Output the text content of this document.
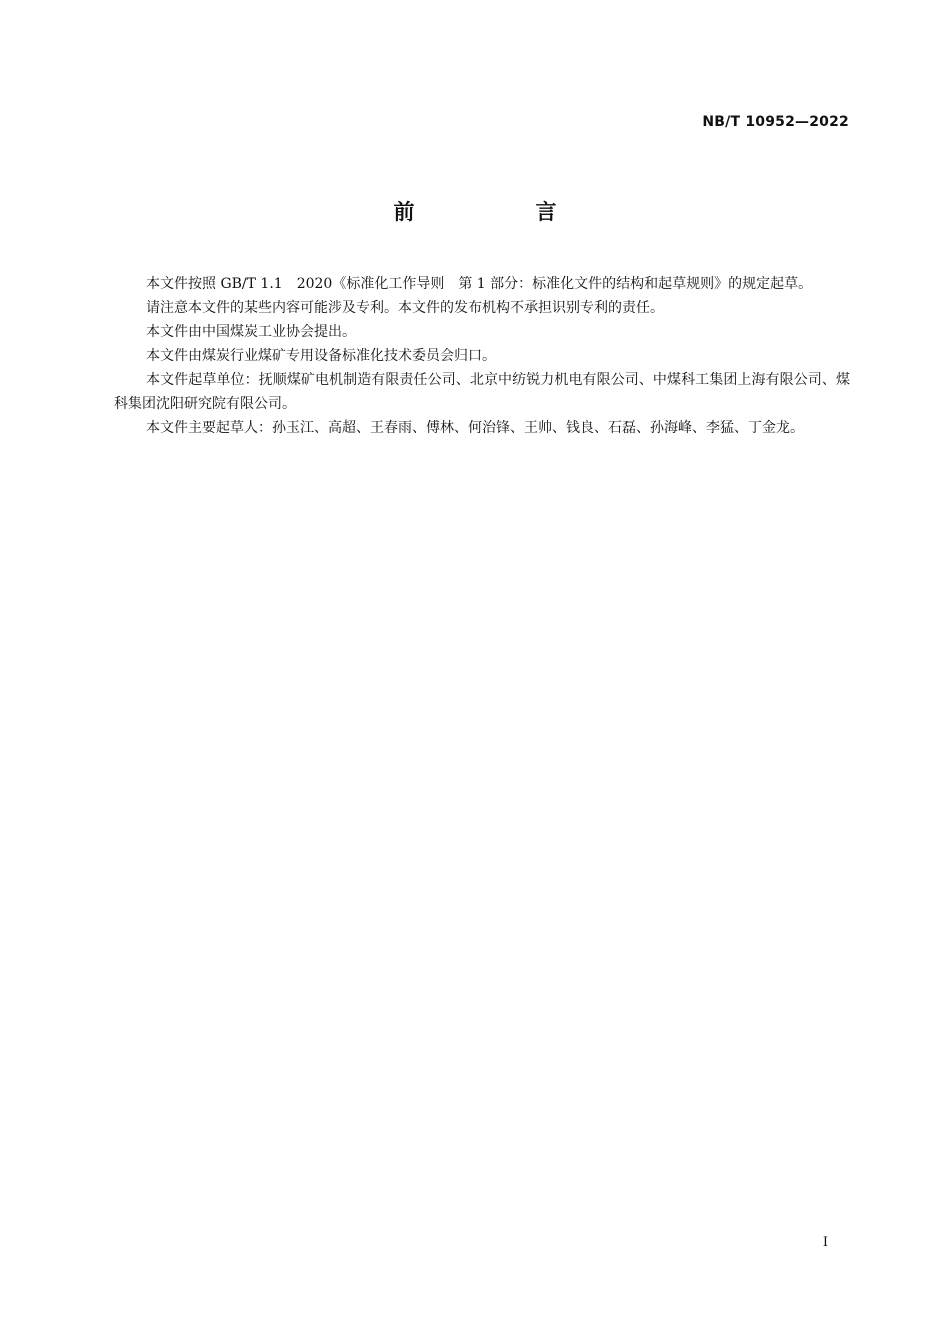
NB/T 10952—2022
前　言

本文件按照 GB/T 1.1　2020《标准化工作导则　第 1 部分：标准化文件的结构和起草规则》的规定起草。

请注意本文件的某些内容可能涉及专利。本文件的发布机构不承担识别专利的责任。

本文件由中国煤炭工业协会提出。

本文件由煤炭行业煤矿专用设备标准化技术委员会归口。

本文件起草单位：抚顺煤矿电机制造有限责任公司、北京中纺锐力机电有限公司、中煤科工集团上海有限公司、煤科集团沈阳研究院有限公司。

本文件主要起草人：孙玉江、高超、王春雨、傅林、何治锋、王帅、钱良、石磊、孙海峰、李猛、丁金龙。

I
